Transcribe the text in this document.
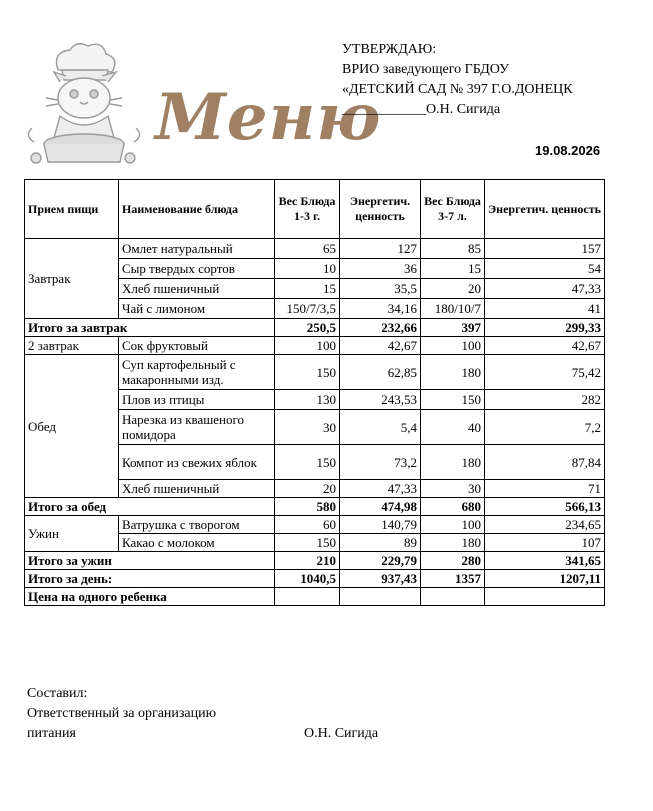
Меню
УТВЕРЖДАЮ:
ВРИО заведующего ГБДОУ
«ДЕТСКИЙ САД № 397 Г.О.ДОНЕЦК
____________О.Н. Сигида
19.08.2026
Прием пищи	Наименование блюда	Вес Блюда 1-3 г.	Энергетич. ценность	Вес Блюда 3-7 л.	Энергетич. ценность
Завтрак	Омлет натуральный	65	127	85	157
	Сыр твердых сортов	10	36	15	54
	Хлеб пшеничный	15	35,5	20	47,33
	Чай с лимоном	150/7/3,5	34,16	180/10/7	41
Итого за завтрак		250,5	232,66	397	299,33
2 завтрак	Сок фруктовый	100	42,67	100	42,67
Обед	Суп картофельный с макаронными изд.	150	62,85	180	75,42
	Плов из птицы	130	243,53	150	282
	Нарезка из квашеного помидора	30	5,4	40	7,2
	Компот из свежих яблок	150	73,2	180	87,84
	Хлеб пшеничный	20	47,33	30	71
Итого за обед		580	474,98	680	566,13
Ужин	Ватрушка с творогом	60	140,79	100	234,65
	Какао с молоком	150	89	180	107
Итого за ужин		210	229,79	280	341,65
Итого за день:		1040,5	937,43	1357	1207,11
Цена на одного ребенка					
Составил:
Ответственный за организацию
питания	О.Н. Сигида
